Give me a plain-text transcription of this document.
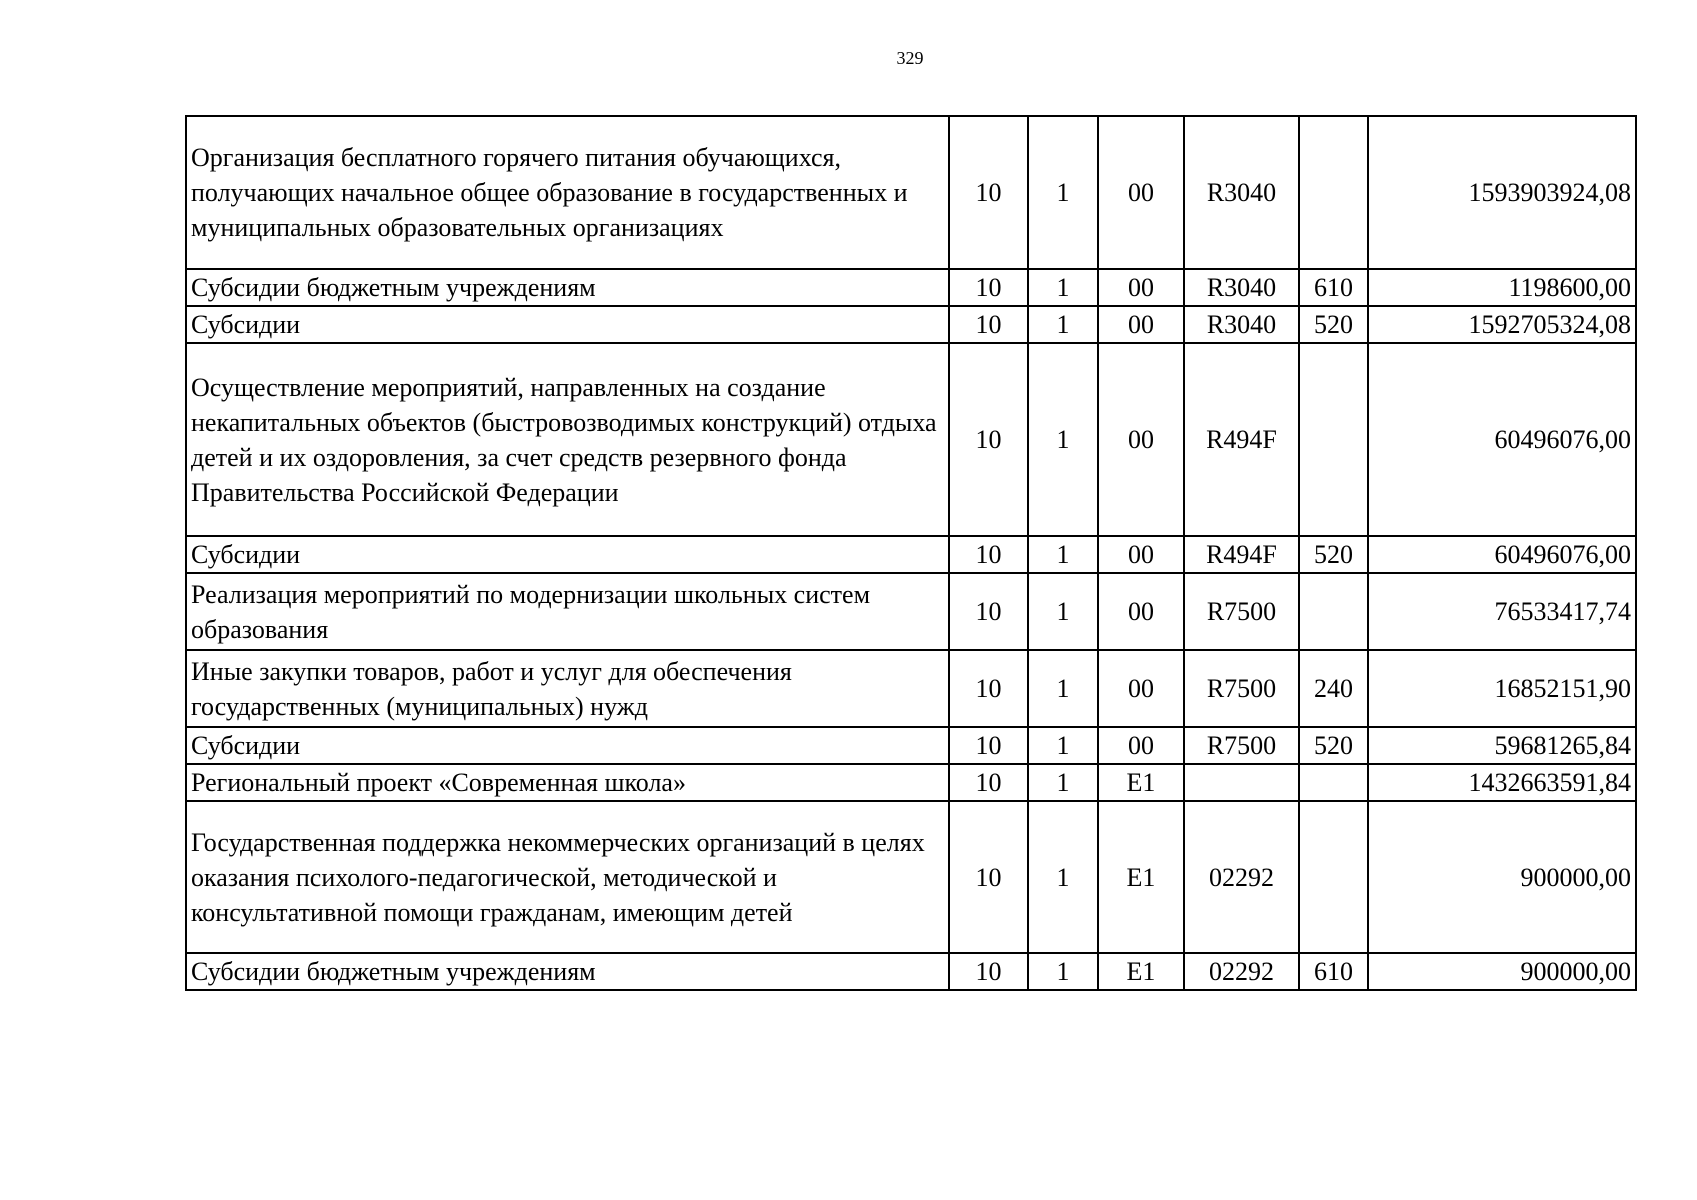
329
Организация бесплатного горячего питания обучающихся, получающих начальное общее образование в государственных и муниципальных образовательных организациях	10	1	00	R3040		1593903924,08
Субсидии бюджетным учреждениям	10	1	00	R3040	610	1198600,00
Субсидии	10	1	00	R3040	520	1592705324,08
Осуществление мероприятий, направленных на создание некапитальных объектов (быстровозводимых конструкций) отдыха детей и их оздоровления, за счет средств резервного фонда Правительства Российской Федерации	10	1	00	R494F		60496076,00
Субсидии	10	1	00	R494F	520	60496076,00
Реализация мероприятий по модернизации школьных систем образования	10	1	00	R7500		76533417,74
Иные закупки товаров, работ и услуг для обеспечения государственных (муниципальных) нужд	10	1	00	R7500	240	16852151,90
Субсидии	10	1	00	R7500	520	59681265,84
Региональный проект «Современная школа»	10	1	E1			1432663591,84
Государственная поддержка некоммерческих организаций в целях оказания психолого-педагогической, методической и консультативной помощи гражданам, имеющим детей	10	1	E1	02292		900000,00
Субсидии бюджетным учреждениям	10	1	E1	02292	610	900000,00
